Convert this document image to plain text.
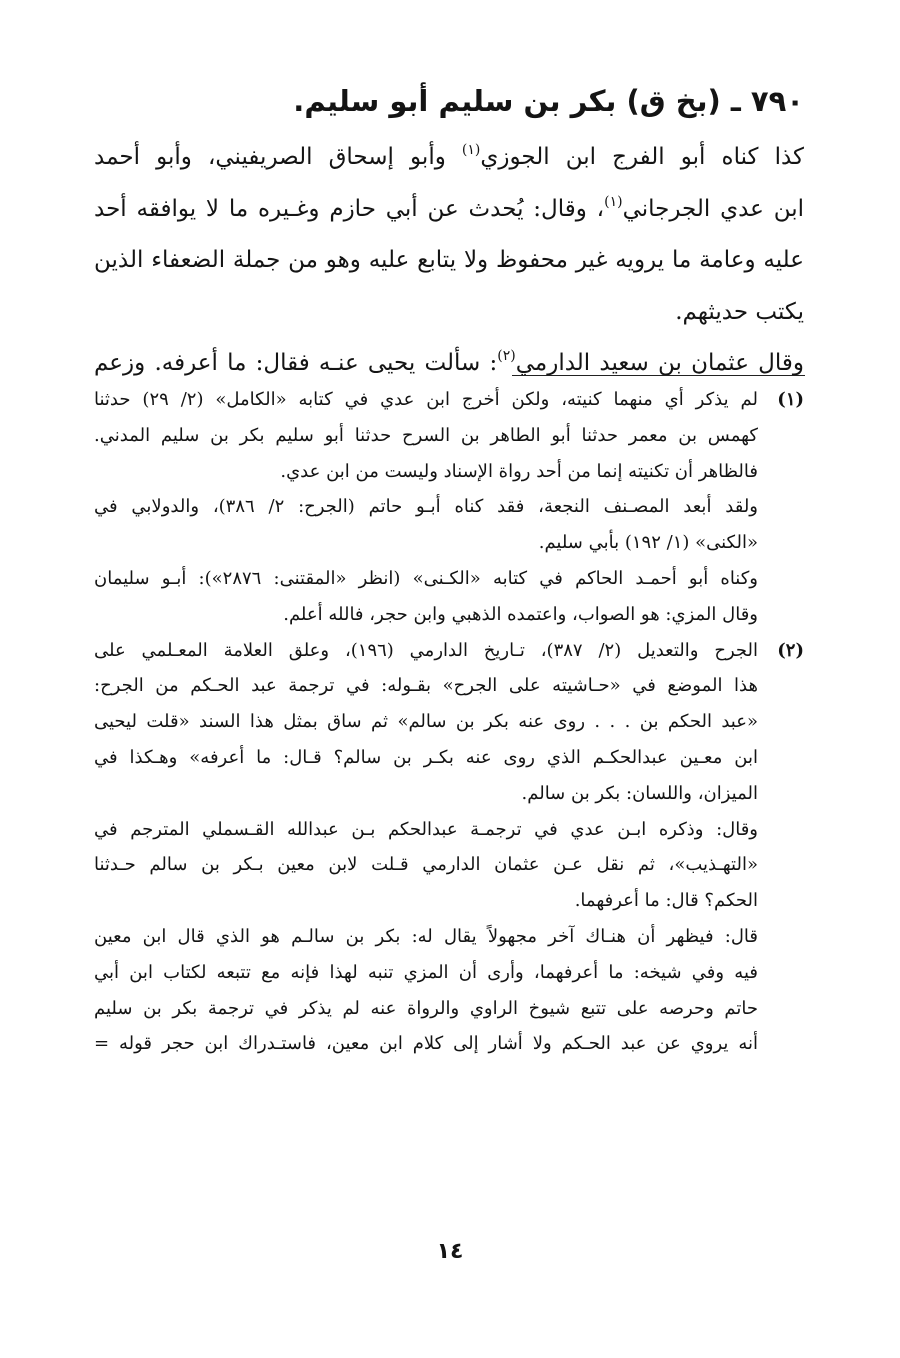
٧٩٠ ـ (بخ ق) بكر بن سليم أبو سليم.
كذا كناه أبو الفرج ابن الجوزي$^{(١)}$ وأبو إسحاق الصريفيني، وأبو أحمد
ابن عدي الجرجاني$^{(١)}$، وقال: يُحدث عن أبي حازم وغـيره ما لا يوافقه أحد
عليه وعامة ما يرويه غير محفوظ ولا يتابع عليه وهو من جملة الضعفاء الذين
يكتب حديثهم.
وقال عثمان بن سعيد الدارمي$^{(٢)}$: سألت يحيى عنـه فقال: ما أعرفه. وزعم
(١)لم يذكر أي منهما كنيته، ولكن أخرج ابن عدي في كتابه «الكامل» (٢/ ٢٩) حدثنا
كهمس بن معمر حدثنا أبو الطاهر بن السرح حدثنا أبو سليم بكر بن سليم المدني.
فالظاهر أن تكنيته إنما من أحد رواة الإسناد وليست من ابن عدي.
ولقد أبعد المصـنف النجعة، فقد كناه أبـو حاتم (الجرح: ٢/ ٣٨٦)، والدولابي في
«الكنى» (١/ ١٩٢) بأبي سليم.
وكناه أبو أحمـد الحاكم في كتابه «الكـنى» (انظر «المقتنى: ٢٨٧٦»): أبـو سليمان
وقال المزي: هو الصواب، واعتمده الذهبي وابن حجر، فالله أعلم.
(٢)الجرح والتعديل (٢/ ٣٨٧)، تـاريخ الدارمي (١٩٦)، وعلق العلامة المعـلمي على
هذا الموضع في «حـاشيته على الجرح» بقـوله: في ترجمة عبد الحـكم من الجرح:
«عبد الحكم بن . . . روى عنه بكر بن سالم» ثم ساق بمثل هذا السند «قلت ليحيى
ابن معـين عبدالحكـم الذي روى عنه بكـر بن سالم؟ قـال: ما أعرفه» وهـكذا في
الميزان، واللسان: بكر بن سالم.
وقال: وذكره ابـن عدي في ترجمـة عبدالحكم بـن عبدالله القـسملي المترجم في
«التهـذيب»، ثم نقل عـن عثمان الدارمي قـلت لابن معين بـكر بن سالم حـدثنا
الحكم؟ قال: ما أعرفهما.
قال: فيظهر أن هنـاك آخر مجهولاً يقال له: بكر بن سالـم هو الذي قال ابن معين
فيه وفي شيخه: ما أعرفهما، وأرى أن المزي تنبه لهذا فإنه مع تتبعه لكتاب ابن أبي
حاتم وحرصه على تتبع شيوخ الراوي والرواة عنه لم يذكر في ترجمة بكر بن سليم
أنه يروي عن عبد الحـكم ولا أشار إلى كلام ابن معين، فاستـدراك ابن حجر قوله =
١٤
